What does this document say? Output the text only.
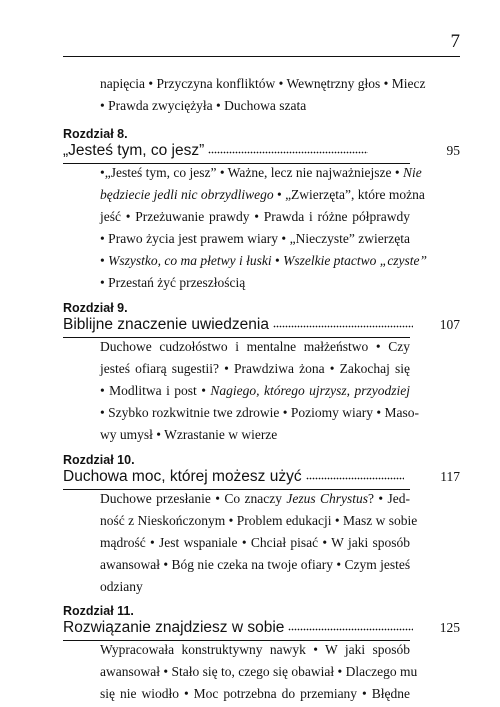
7
napięcia • Przyczyna konfliktów • Wewnętrzny głos • Miecz
• Prawda zwyciężyła • Duchowa szata
Rozdział 8.
„Jesteś tym, co jesz”	95
•„Jesteś tym, co jesz” • Ważne, lecz nie najważniejsze • Nie
będziecie jedli nic obrzydliwego • „Zwierzęta”, które można
jeść • Przeżuwanie prawdy • Prawda i różne półprawdy
• Prawo życia jest prawem wiary • „Nieczyste” zwierzęta
• Wszystko, co ma płetwy i łuski • Wszelkie ptactwo „czyste”
• Przestań żyć przeszłością
Rozdział 9.
Biblijne znaczenie uwiedzenia	107
Duchowe cudzołóstwo i mentalne małżeństwo • Czy
jesteś ofiarą sugestii? • Prawdziwa żona • Zakochaj się
• Modlitwa i post • Nagiego, którego ujrzysz, przyodziej
• Szybko rozkwitnie twe zdrowie • Poziomy wiary • Maso-
wy umysł • Wzrastanie w wierze
Rozdział 10.
Duchowa moc, której możesz użyć	117
Duchowe przesłanie • Co znaczy Jezus Chrystus? • Jed-
ność z Nieskończonym • Problem edukacji • Masz w sobie
mądrość • Jest wspaniale • Chciał pisać • W jaki sposób
awansował • Bóg nie czeka na twoje ofiary • Czym jesteś
odziany
Rozdział 11.
Rozwiązanie znajdziesz w sobie	125
Wypracowała konstruktywny nawyk • W jaki sposób
awansował • Stało się to, czego się obawiał • Dlaczego mu
się nie wiodło • Moc potrzebna do przemiany • Błędne
